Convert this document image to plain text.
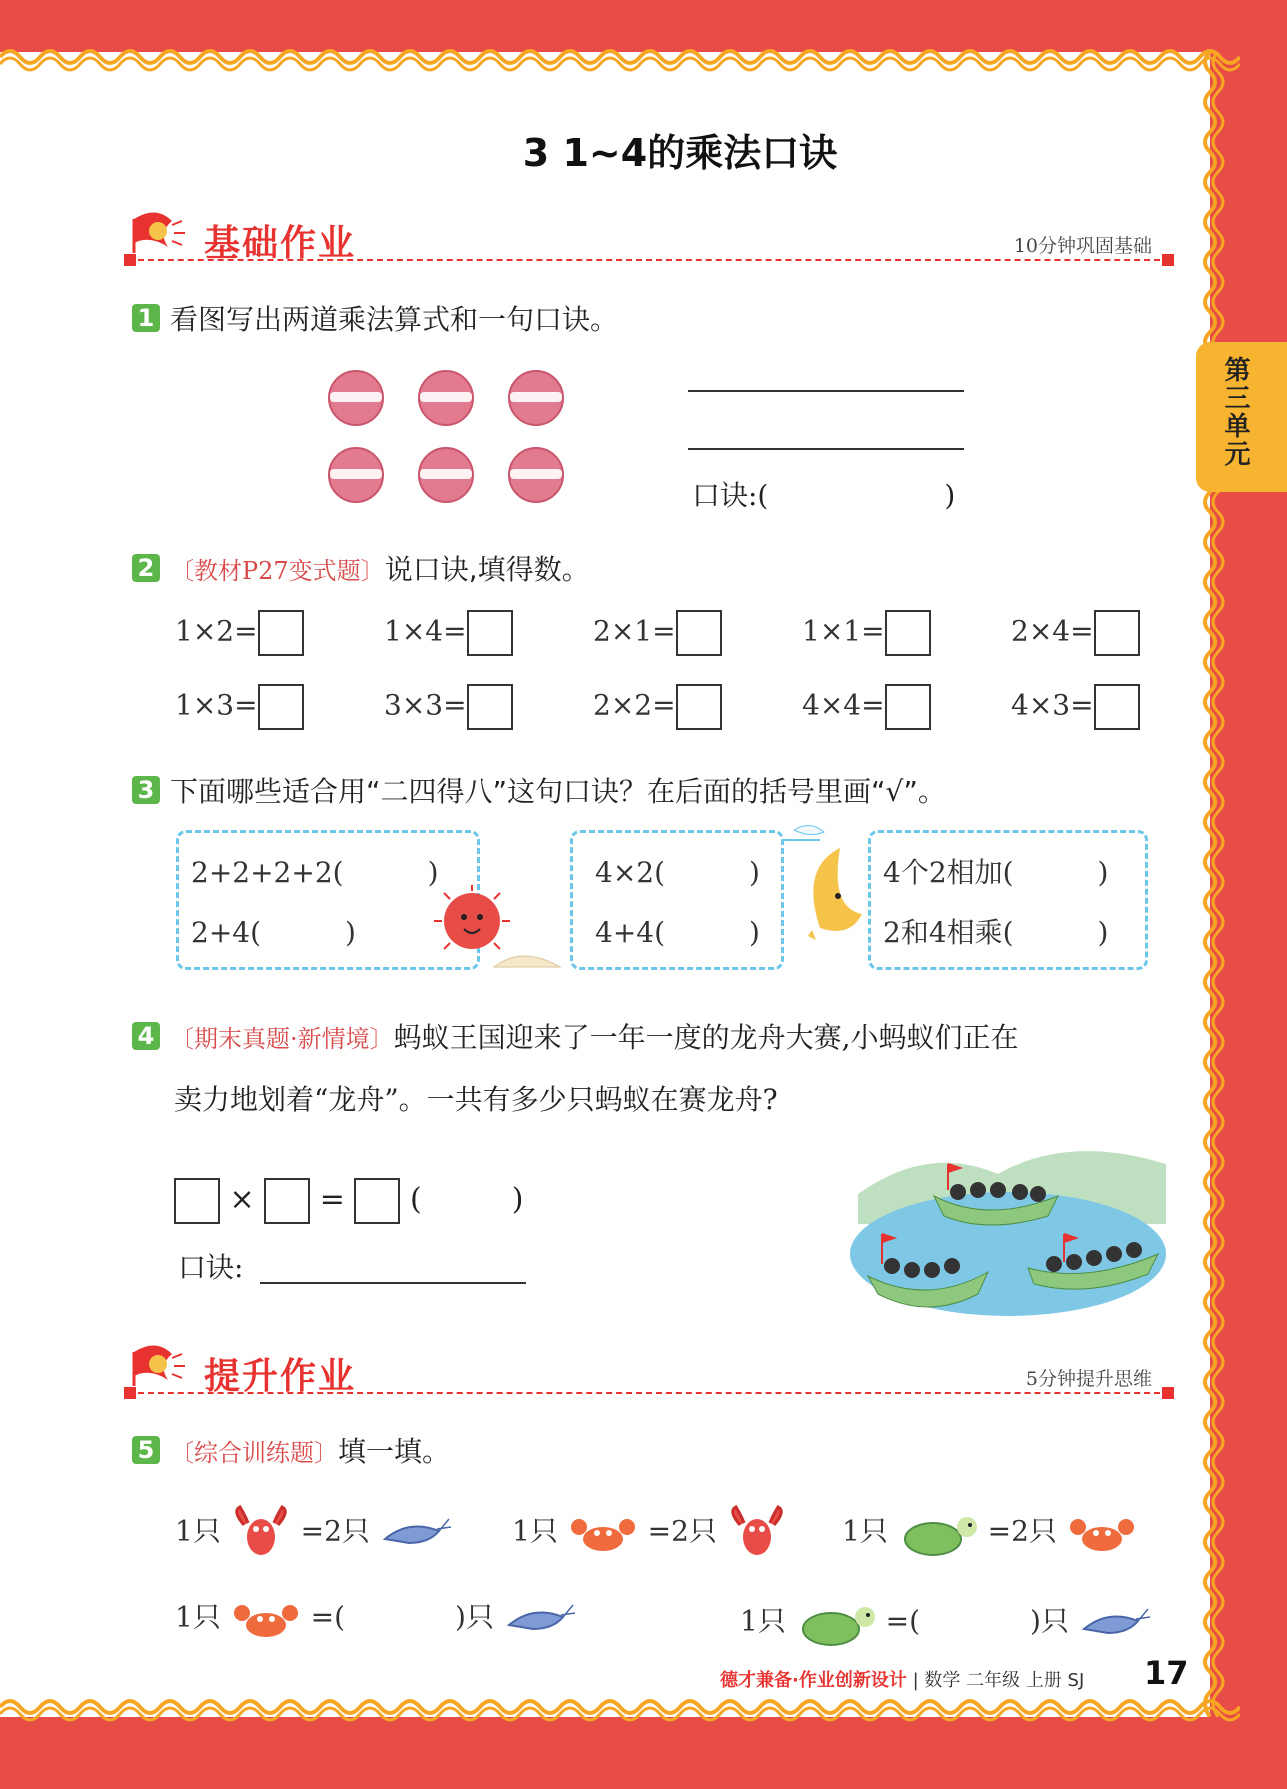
第三单元
3 1~4的乘法口诀
基础作业	10分钟巩固基础
1 看图写出两道乘法算式和一句口诀。
口诀:(	)
2 〔教材P27变式题〕说口诀,填得数。
1×2=	1×4=	2×1=	1×1=	2×4=
1×3=	3×3=	2×2=	4×4=	4×3=
3 下面哪些适合用“二四得八”这句口诀？在后面的括号里画“√”。
2+2+2+2(　　　)
2+4(　　　)
4×2(　　　)
4+4(　　　)
4个2相加(　　　)
2和4相乘(　　　)
4 〔期末真题·新情境〕蚂蚁王国迎来了一年一度的龙舟大赛,小蚂蚁们正在
卖力地划着“龙舟”。一共有多少只蚂蚁在赛龙舟?
× = (　　　)
口诀:
提升作业	5分钟提升思维
5 〔综合训练题〕填一填。
1只	=2只	1只	=2只	1只	=2只
1只	=(	)只	1只	=(	)只
德才兼备·作业创新设计 | 数学 二年级 上册 SJ 17
